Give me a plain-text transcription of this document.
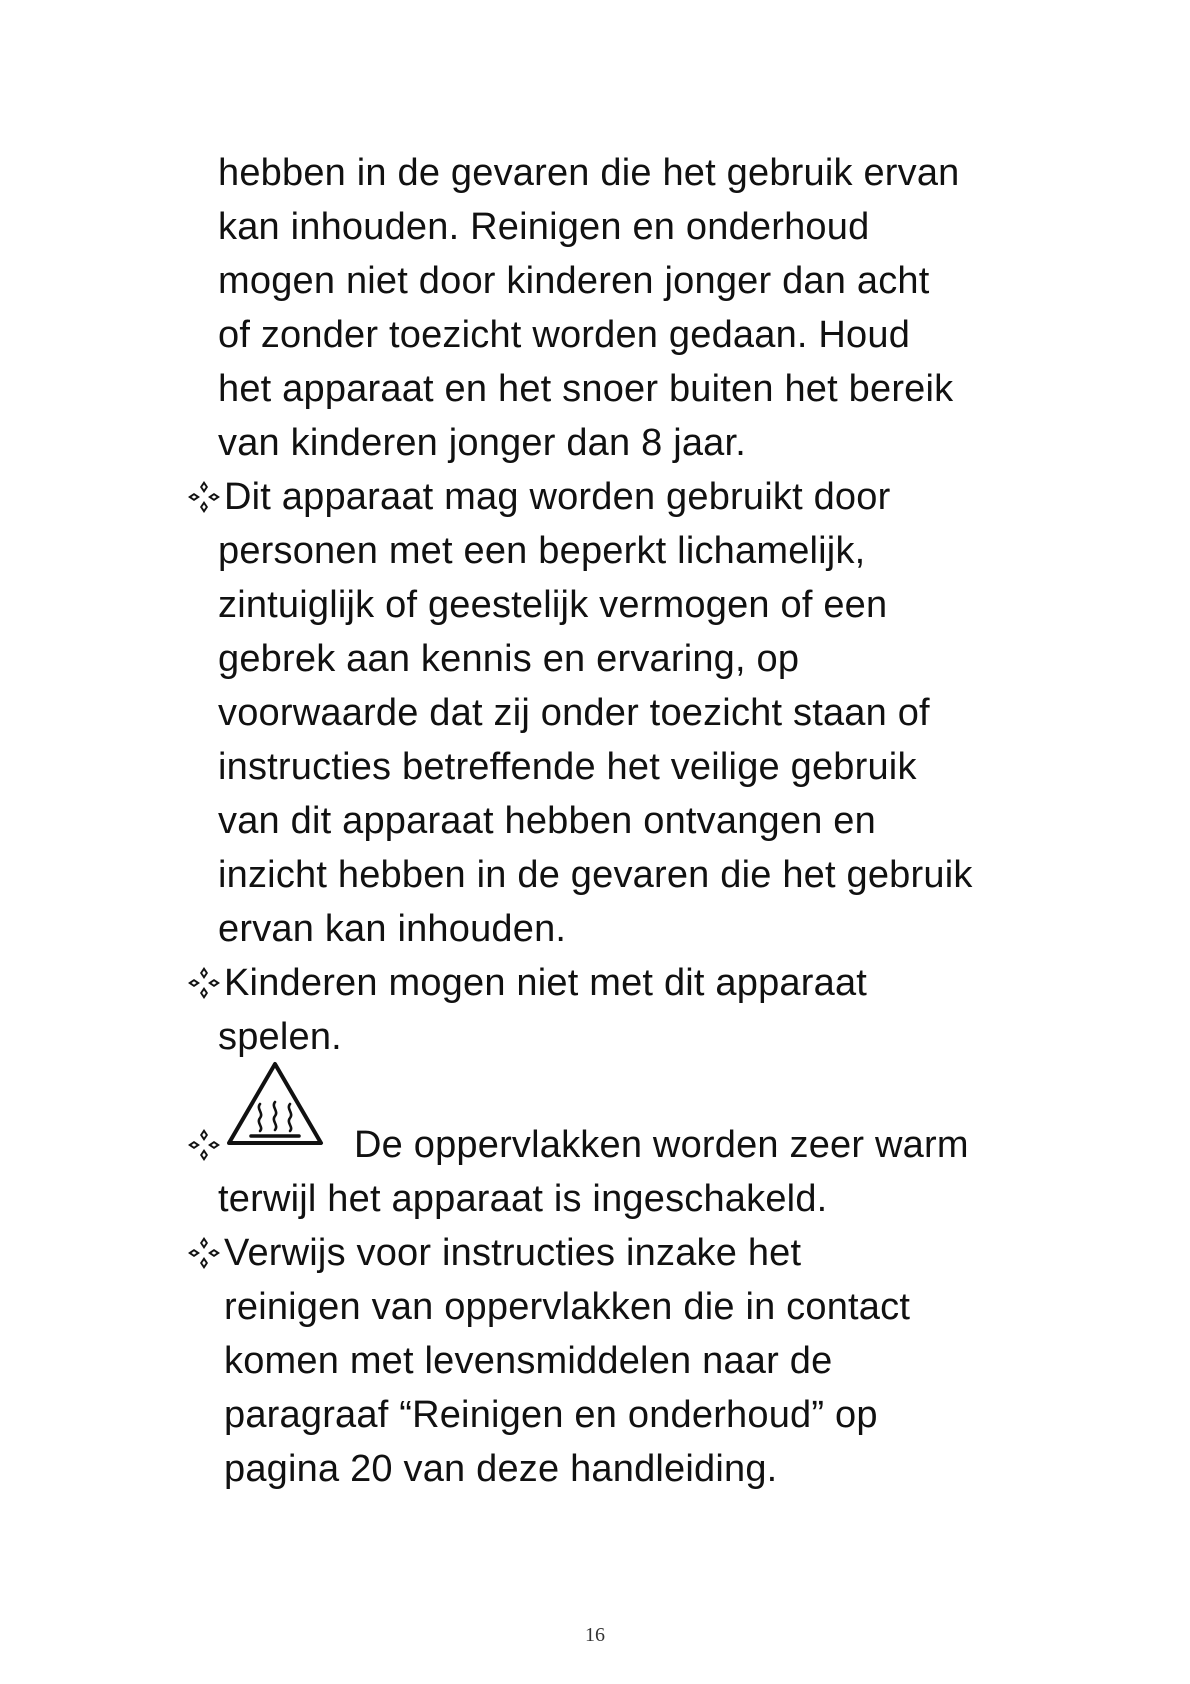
hebben in de gevaren die het gebruik ervan
kan inhouden. Reinigen en onderhoud
mogen niet door kinderen jonger dan acht
of zonder toezicht worden gedaan. Houd
het apparaat en het snoer buiten het bereik
van kinderen jonger dan 8 jaar.
Dit apparaat mag worden gebruikt door
personen met een beperkt lichamelijk,
zintuiglijk of geestelijk vermogen of een
gebrek aan kennis en ervaring, op
voorwaarde dat zij onder toezicht staan of
instructies betreffende het veilige gebruik
van dit apparaat hebben ontvangen en
inzicht hebben in de gevaren die het gebruik
ervan kan inhouden.
Kinderen mogen niet met dit apparaat
spelen.
De oppervlakken worden zeer warm
terwijl het apparaat is ingeschakeld.
Verwijs voor instructies inzake het
reinigen van oppervlakken die in contact
komen met levensmiddelen naar de
paragraaf “Reinigen en onderhoud” op
pagina 20 van deze handleiding.
16
